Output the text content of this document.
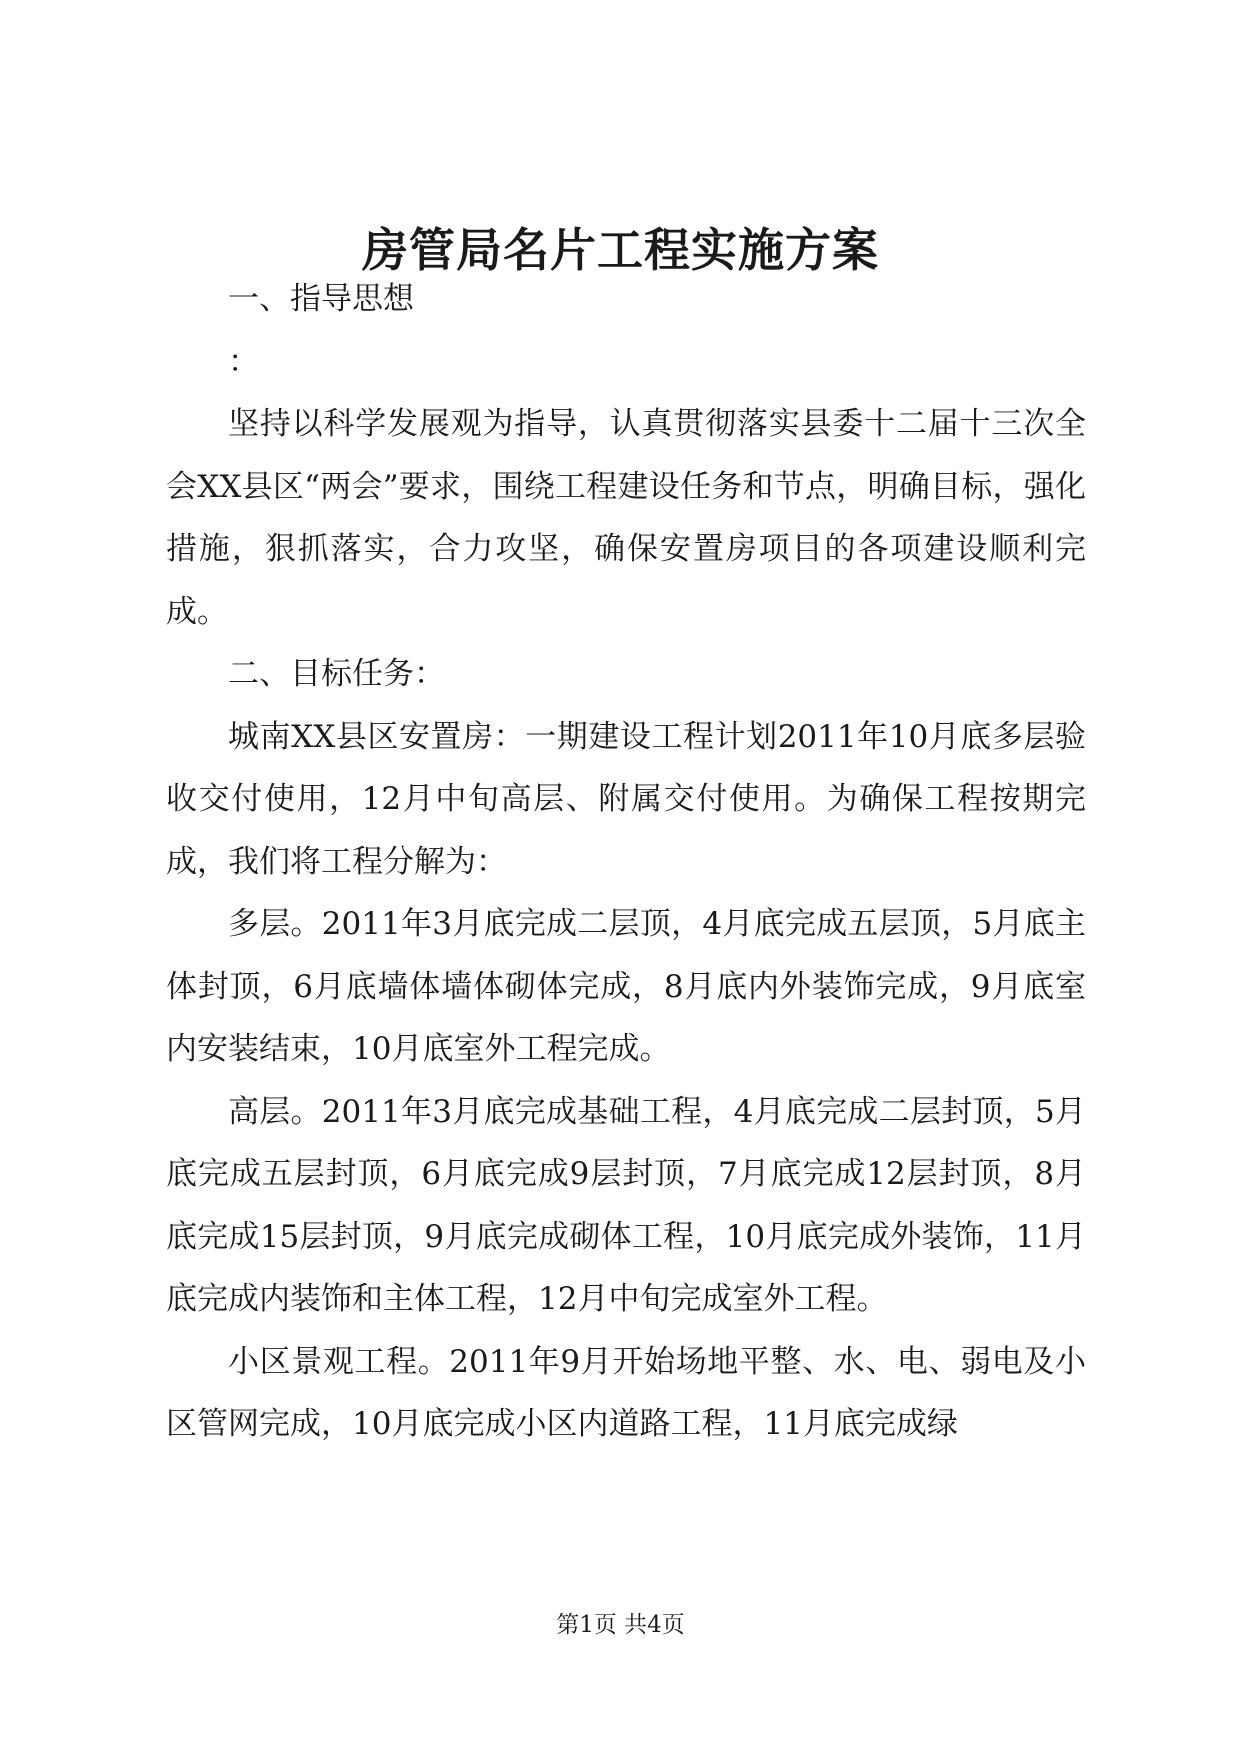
房管局名片工程实施方案

一、指导思想

：

坚持以科学发展观为指导，认真贯彻落实县委十二届十三次全会XX县区“两会”要求，围绕工程建设任务和节点，明确目标，强化措施，狠抓落实，合力攻坚，确保安置房项目的各项建设顺利完成。

二、目标任务：

城南XX县区安置房：一期建设工程计划2011年10月底多层验收交付使用，12月中旬高层、附属交付使用。为确保工程按期完成，我们将工程分解为：

多层。2011年3月底完成二层顶，4月底完成五层顶，5月底主体封顶，6月底墙体墙体砌体完成，8月底内外装饰完成，9月底室内安装结束，10月底室外工程完成。

高层。2011年3月底完成基础工程，4月底完成二层封顶，5月底完成五层封顶，6月底完成9层封顶，7月底完成12层封顶，8月底完成15层封顶，9月底完成砌体工程，10月底完成外装饰，11月底完成内装饰和主体工程，12月中旬完成室外工程。

小区景观工程。2011年9月开始场地平整、水、电、弱电及小区管网完成，10月底完成小区内道路工程，11月底完成绿

第1页 共4页
